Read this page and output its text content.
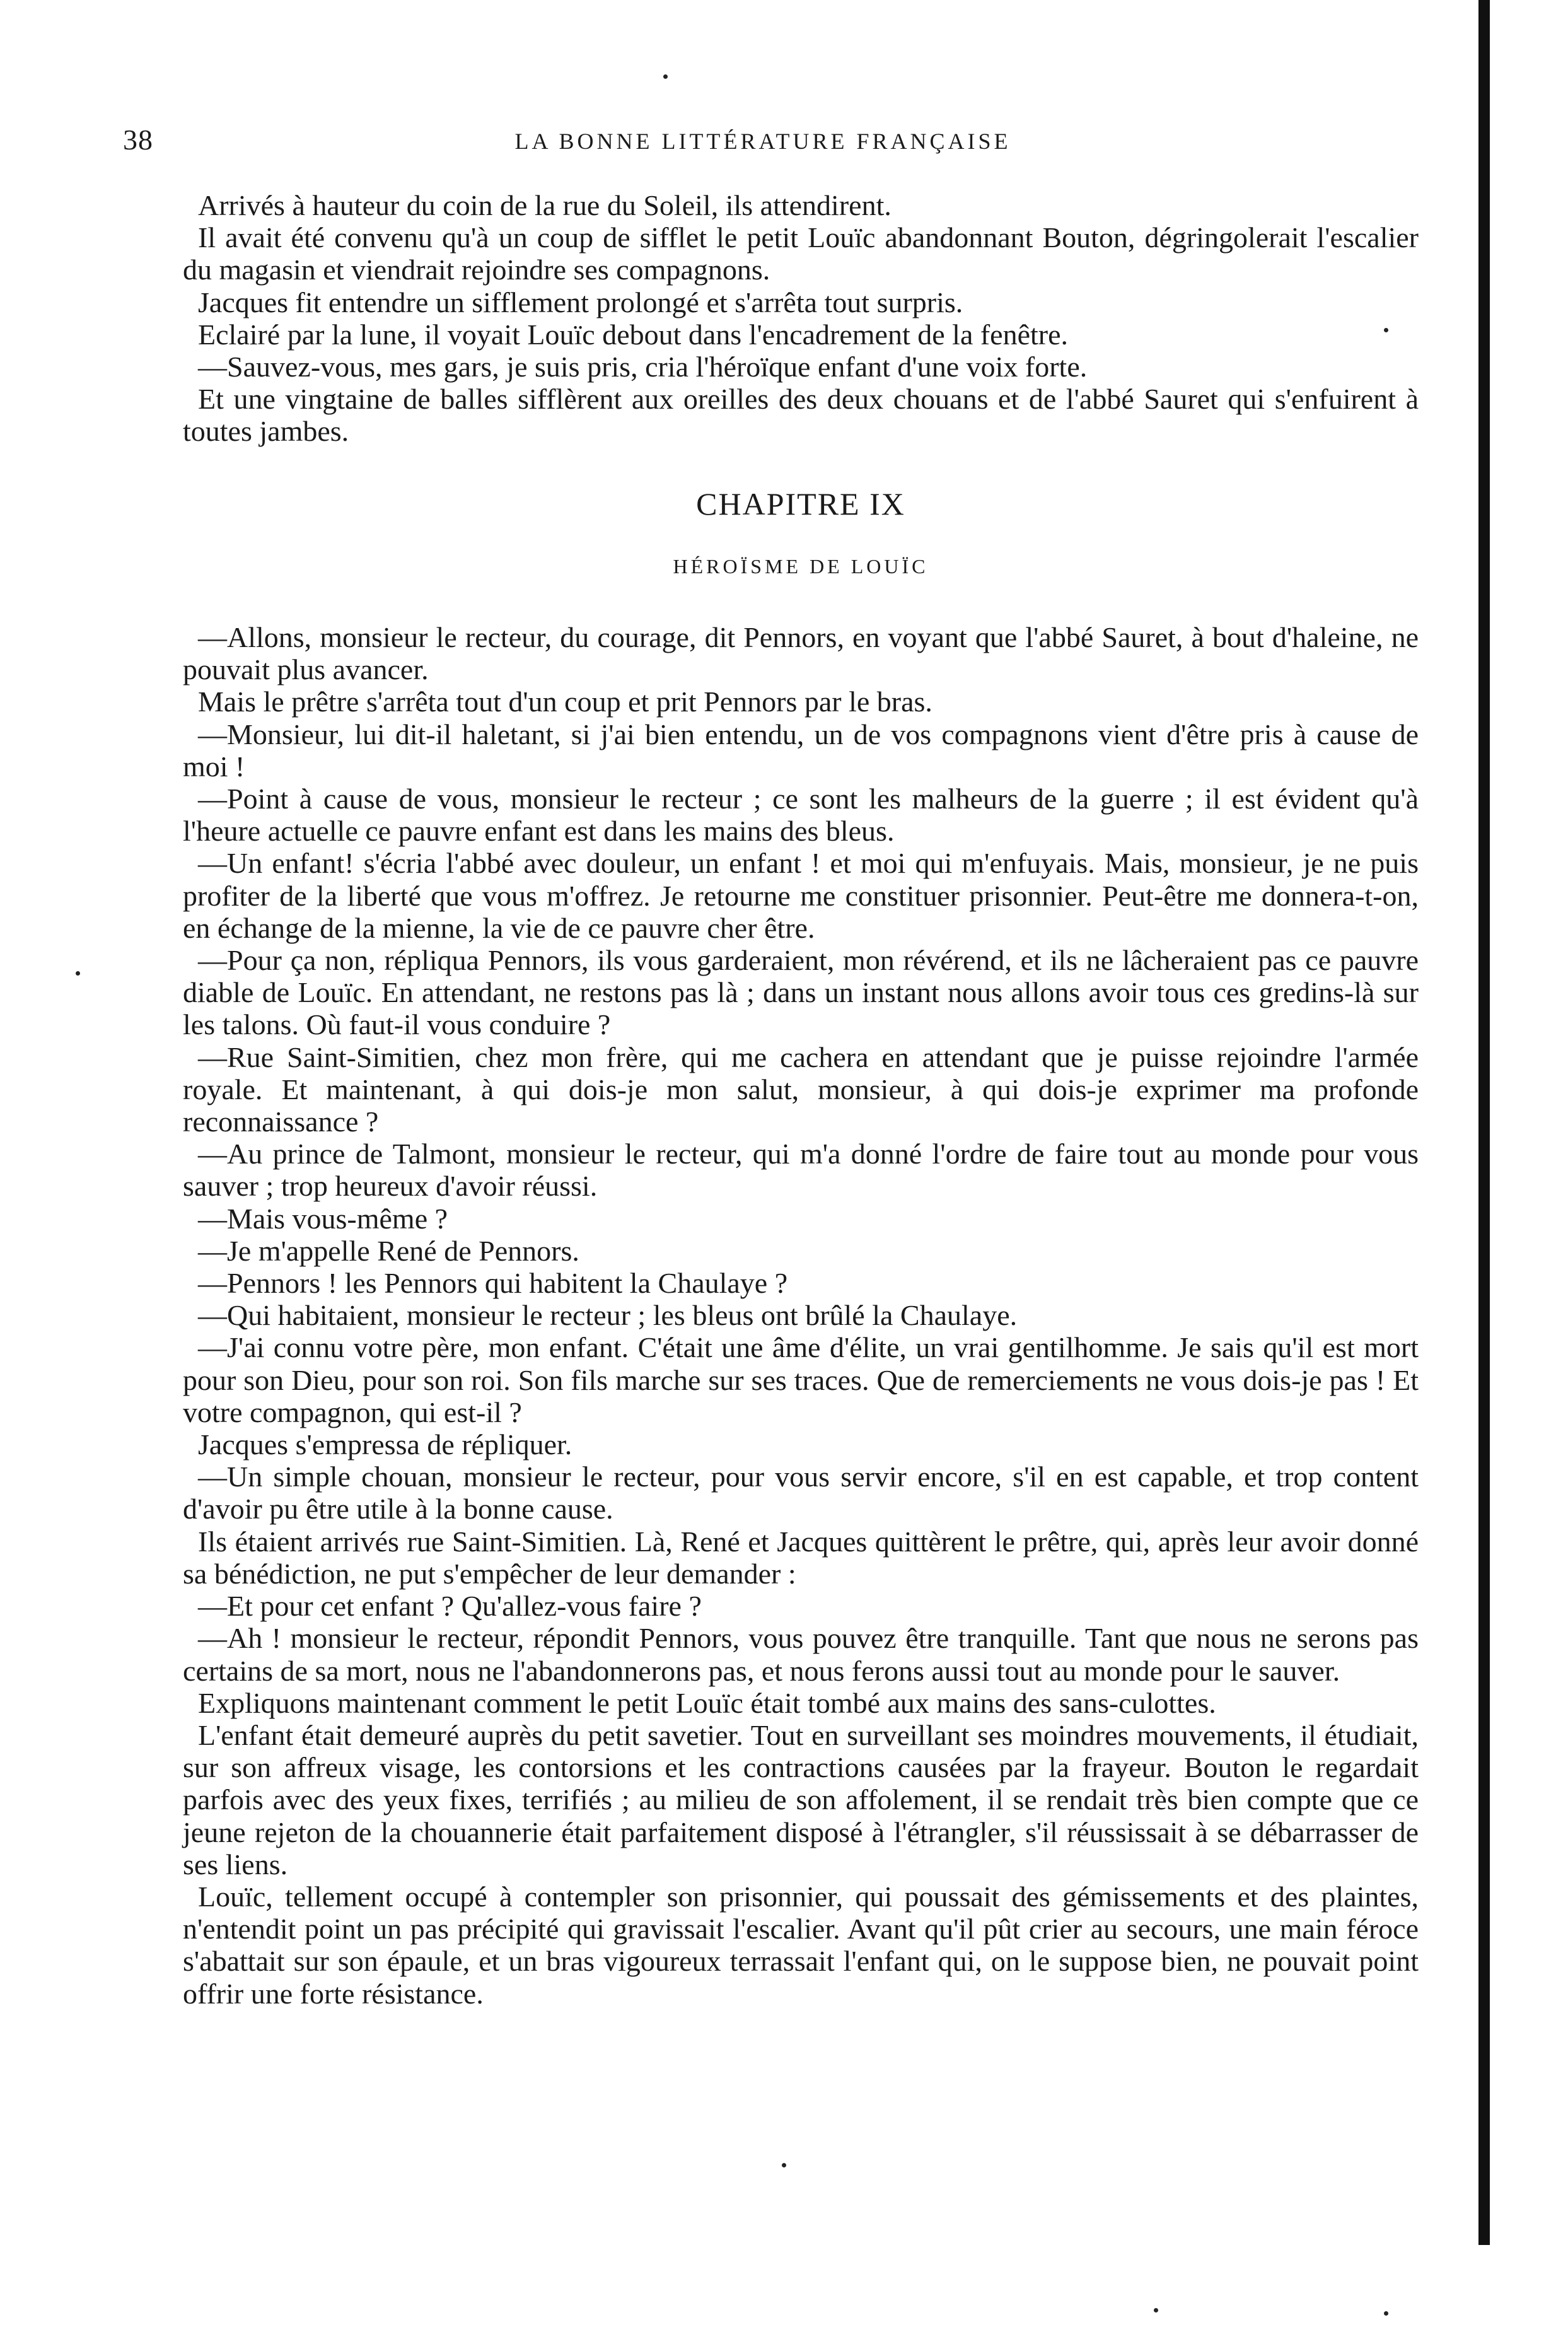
38	LA BONNE LITTÉRATURE FRANÇAISE

Arrivés à hauteur du coin de la rue du Soleil, ils attendirent.

Il avait été convenu qu'à un coup de sifflet le petit Louïc abandonnant Bouton, dégringolerait l'escalier du magasin et viendrait rejoindre ses compagnons.

Jacques fit entendre un sifflement prolongé et s'arrêta tout surpris.

Eclairé par la lune, il voyait Louïc debout dans l'encadrement de la fenêtre.

—Sauvez-vous, mes gars, je suis pris, cria l'héroïque enfant d'une voix forte.

Et une vingtaine de balles sifflèrent aux oreilles des deux chouans et de l'abbé Sauret qui s'enfuirent à toutes jambes.

CHAPITRE IX
HÉROÏSME DE LOUÏC

—Allons, monsieur le recteur, du courage, dit Pennors, en voyant que l'abbé Sauret, à bout d'haleine, ne pouvait plus avancer.

Mais le prêtre s'arrêta tout d'un coup et prit Pennors par le bras.

—Monsieur, lui dit-il haletant, si j'ai bien entendu, un de vos compagnons vient d'être pris à cause de moi !

—Point à cause de vous, monsieur le recteur ; ce sont les malheurs de la guerre ; il est évident qu'à l'heure actuelle ce pauvre enfant est dans les mains des bleus.

—Un enfant! s'écria l'abbé avec douleur, un enfant ! et moi qui m'enfuyais. Mais, monsieur, je ne puis profiter de la liberté que vous m'offrez. Je retourne me constituer prisonnier. Peut-être me donnera-t-on, en échange de la mienne, la vie de ce pauvre cher être.

—Pour ça non, répliqua Pennors, ils vous garderaient, mon révérend, et ils ne lâcheraient pas ce pauvre diable de Louïc. En attendant, ne restons pas là ; dans un instant nous allons avoir tous ces gredins-là sur les talons. Où faut-il vous conduire ?

—Rue Saint-Simitien, chez mon frère, qui me cachera en attendant que je puisse rejoindre l'armée royale. Et maintenant, à qui dois-je mon salut, monsieur, à qui dois-je exprimer ma profonde reconnaissance ?

—Au prince de Talmont, monsieur le recteur, qui m'a donné l'ordre de faire tout au monde pour vous sauver ; trop heureux d'avoir réussi.

—Mais vous-même ?

—Je m'appelle René de Pennors.

—Pennors ! les Pennors qui habitent la Chaulaye ?

—Qui habitaient, monsieur le recteur ; les bleus ont brûlé la Chaulaye.

—J'ai connu votre père, mon enfant. C'était une âme d'élite, un vrai gentilhomme. Je sais qu'il est mort pour son Dieu, pour son roi. Son fils marche sur ses traces. Que de remerciements ne vous dois-je pas ! Et votre compagnon, qui est-il ?

Jacques s'empressa de répliquer.

—Un simple chouan, monsieur le recteur, pour vous servir encore, s'il en est capable, et trop content d'avoir pu être utile à la bonne cause.

Ils étaient arrivés rue Saint-Simitien. Là, René et Jacques quittèrent le prêtre, qui, après leur avoir donné sa bénédiction, ne put s'empêcher de leur demander :

—Et pour cet enfant ? Qu'allez-vous faire ?

—Ah ! monsieur le recteur, répondit Pennors, vous pouvez être tranquille. Tant que nous ne serons pas certains de sa mort, nous ne l'abandonnerons pas, et nous ferons aussi tout au monde pour le sauver.

Expliquons maintenant comment le petit Louïc était tombé aux mains des sans-culottes.

L'enfant était demeuré auprès du petit savetier. Tout en surveillant ses moindres mouvements, il étudiait, sur son affreux visage, les contorsions et les contractions causées par la frayeur. Bouton le regardait parfois avec des yeux fixes, terrifiés ; au milieu de son affolement, il se rendait très bien compte que ce jeune rejeton de la chouannerie était parfaitement disposé à l'étrangler, s'il réussissait à se débarrasser de ses liens.

Louïc, tellement occupé à contempler son prisonnier, qui poussait des gémissements et des plaintes, n'entendit point un pas précipité qui gravissait l'escalier. Avant qu'il pût crier au secours, une main féroce s'abattait sur son épaule, et un bras vigoureux terrassait l'enfant qui, on le suppose bien, ne pouvait point offrir une forte résistance.
